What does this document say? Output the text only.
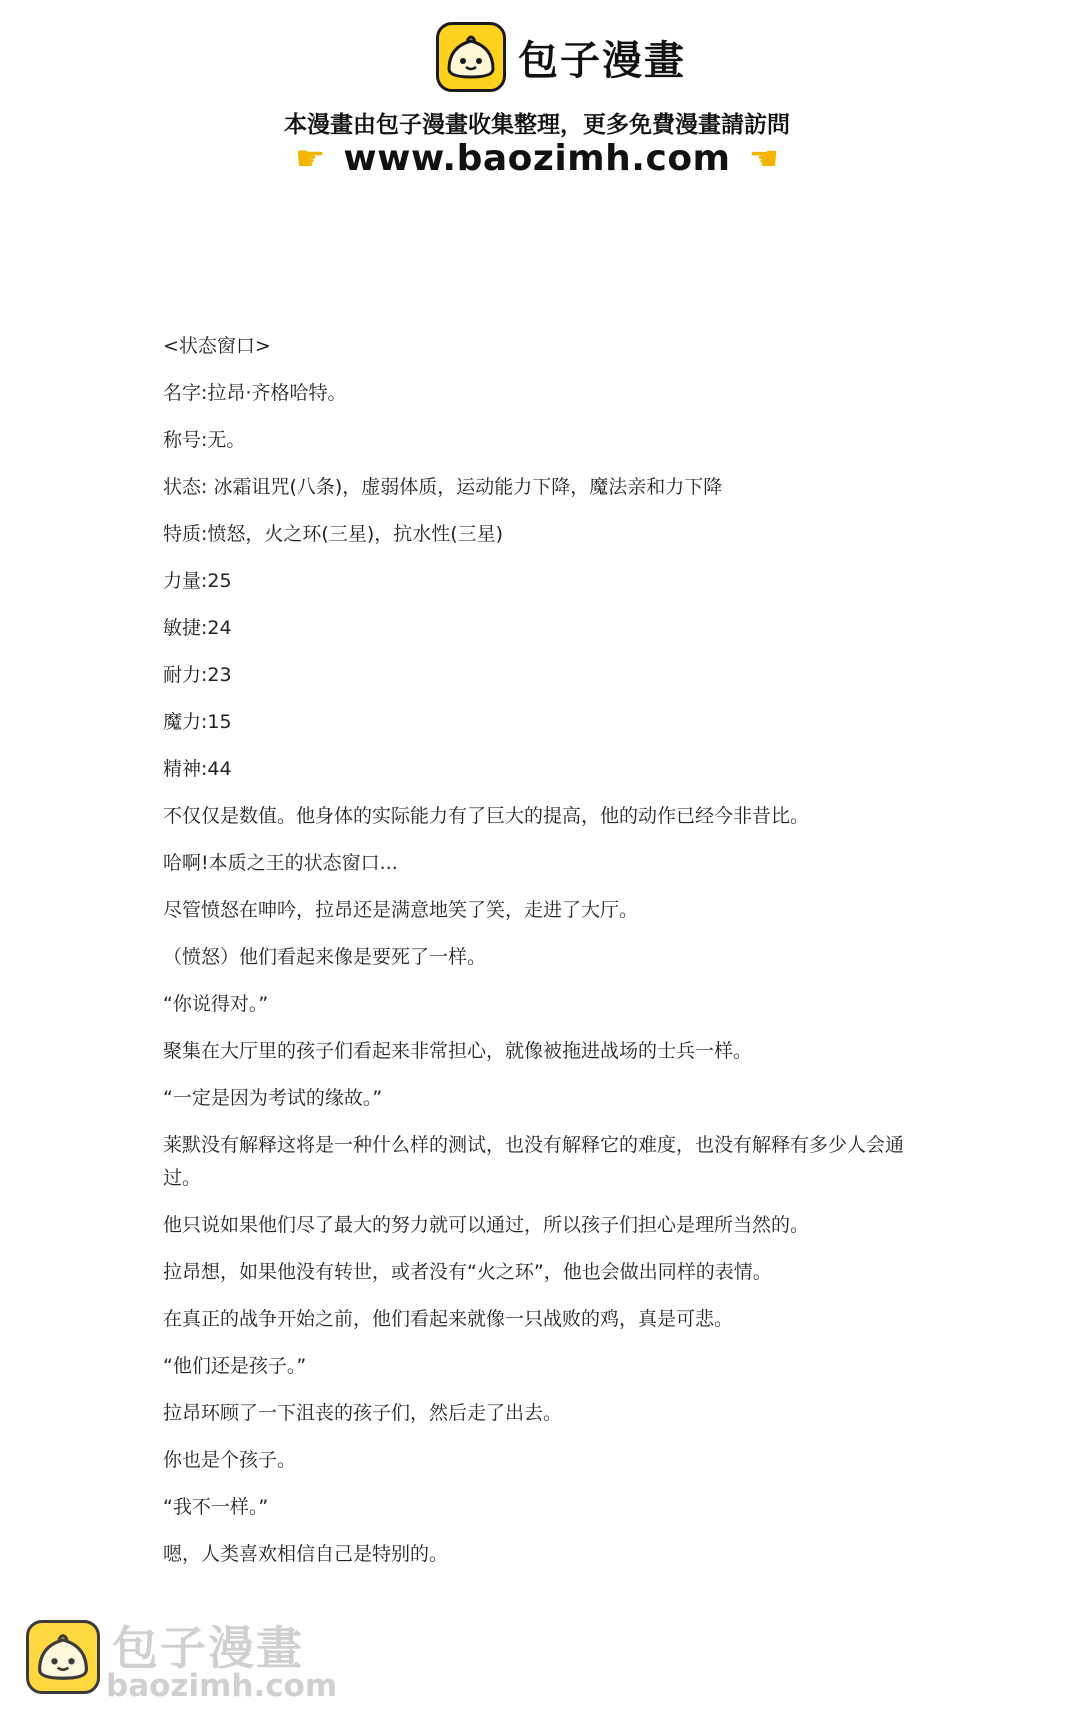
包子漫畫
本漫畫由包子漫畫收集整理，更多免費漫畫請訪問
☛ www.baozimh.com ☚

<状态窗口>

名字:拉昂·齐格哈特。

称号:无。

状态: 冰霜诅咒(八条)，虚弱体质，运动能力下降，魔法亲和力下降

特质:愤怒，火之环(三星)，抗水性(三星)

力量:25

敏捷:24

耐力:23

魔力:15

精神:44

不仅仅是数值。他身体的实际能力有了巨大的提高，他的动作已经今非昔比。

哈啊!本质之王的状态窗口...

尽管愤怒在呻吟，拉昂还是满意地笑了笑，走进了大厅。

（愤怒）他们看起来像是要死了一样。

“你说得对。”

聚集在大厅里的孩子们看起来非常担心，就像被拖进战场的士兵一样。

“一定是因为考试的缘故。”

莱默没有解释这将是一种什么样的测试，也没有解释它的难度，也没有解释有多少人会通过。

他只说如果他们尽了最大的努力就可以通过，所以孩子们担心是理所当然的。

拉昂想，如果他没有转世，或者没有“火之环”，他也会做出同样的表情。

在真正的战争开始之前，他们看起来就像一只战败的鸡，真是可悲。

“他们还是孩子。”

拉昂环顾了一下沮丧的孩子们，然后走了出去。

你也是个孩子。

“我不一样。”

嗯，人类喜欢相信自己是特别的。

包子漫畫
baozimh.com
